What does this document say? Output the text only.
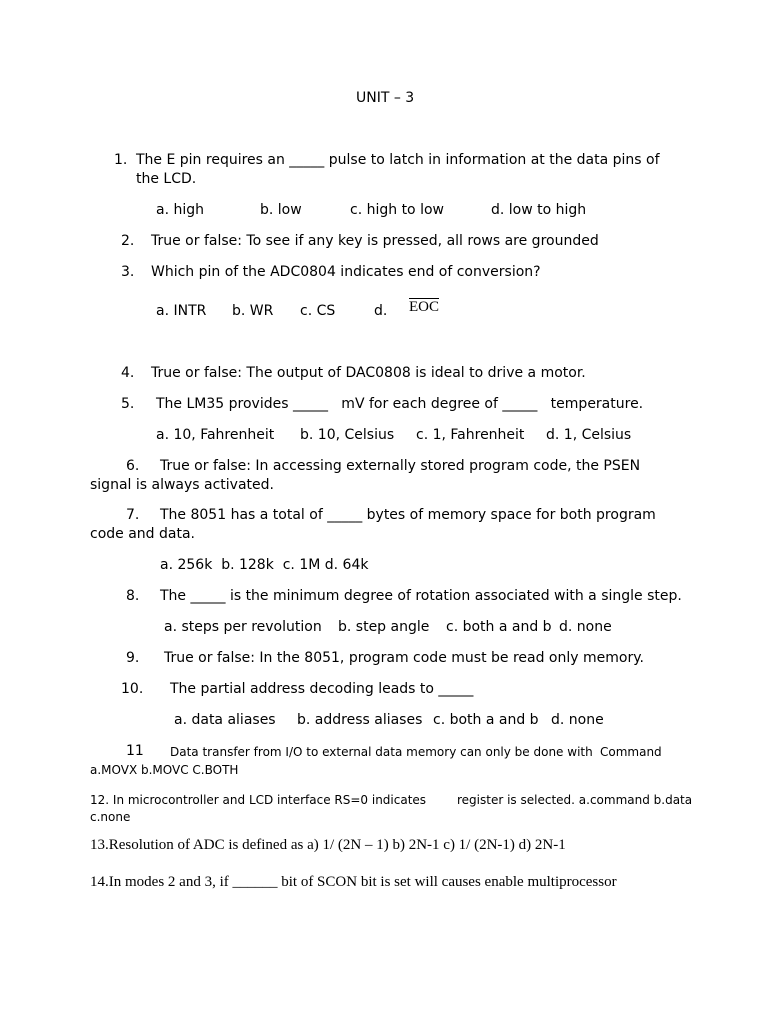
UNIT – 3
1. The E pin requires an _____ pulse to latch in information at the data pins of
the LCD.
a. high	b. low	c. high to low	d. low to high
2. True or false: To see if any key is pressed, all rows are grounded
3. Which pin of the ADC0804 indicates end of conversion?
a. INTR b. WR c. CS	d. $\overline{EOC}$
4. True or false: The output of DAC0808 is ideal to drive a motor.
5. The LM35 provides _____   mV for each degree of _____   temperature.
a. 10, Fahrenheit b. 10, Celsius c. 1, Fahrenheit d. 1, Celsius
6. True or false: In accessing externally stored program code, the PSEN
signal is always activated.
7. The 8051 has a total of _____ bytes of memory space for both program
code and data.
a. 256k  b. 128k  c. 1M d. 64k
8. The _____ is the minimum degree of rotation associated with a single step.
a. steps per revolution b. step angle c. both a and b d. none
9. True or false: In the 8051, program code must be read only memory.
10. The partial address decoding leads to _____
a. data aliases b. address aliases c. both a and b d. none
11 Data transfer from I/O to external data memory can only be done with Command
a.MOVX b.MOVC C.BOTH
12. In microcontroller and LCD interface RS=0 indicates	register is selected. a.command b.data
c.none
13.Resolution of ADC is defined as a) 1/ (2N – 1) b) 2N-1 c) 1/ (2N-1) d) 2N-1
14.In modes 2 and 3, if ______ bit of SCON bit is set will causes enable multiprocessor
